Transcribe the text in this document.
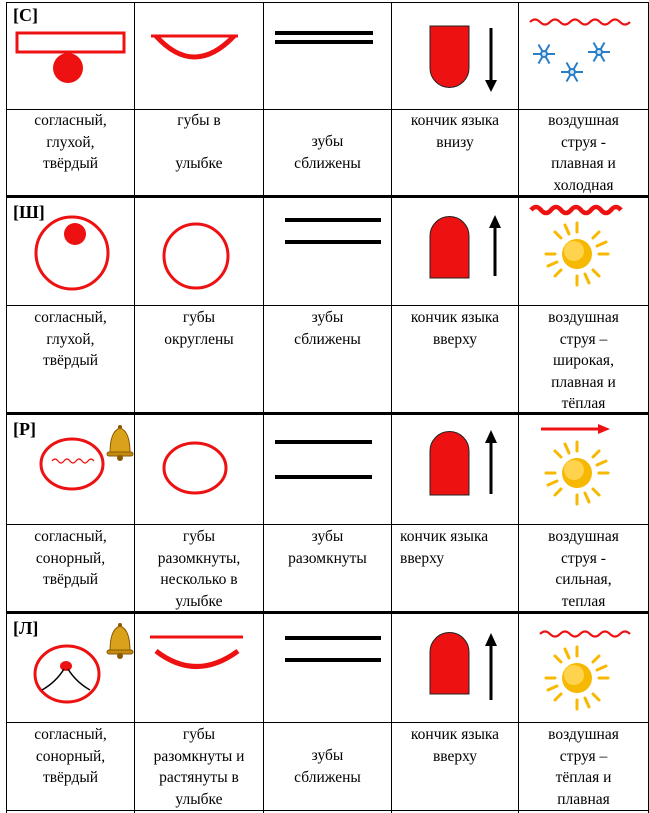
[С]
согласный,
глухой,
твёрдый
губы в

улыбке
зубы
сближены
кончик языка
внизу
воздушная
струя -
плавная и
холодная
[Ш]
согласный,
глухой,
твёрдый
губы
округлены
зубы
сближены
кончик языка
вверху
воздушная
струя –
широкая,
плавная и
тёплая
[Р]
согласный,
сонорный,
твёрдый
губы
разомкнуты,
несколько в
улыбке
зубы
разомкнуты
кончик языка
вверху
воздушная
струя -
сильная,
теплая
[Л]
согласный,
сонорный,
твёрдый
губы
разомкнуты и
растянуты в
улыбке
зубы
сближены
кончик языка
вверху
воздушная
струя –
тёплая и
плавная
